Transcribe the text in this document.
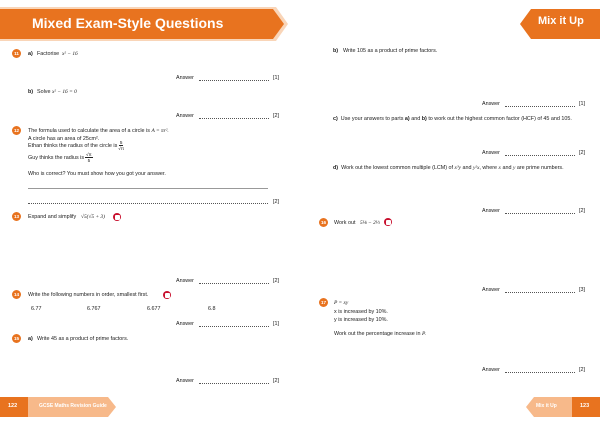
Mixed Exam-Style Questions
11	a) Factorise x² − 16
Answer	[1]
b) Solve x² − 16 = 0
Answer	[2]
12	The formula used to calculate the area of a circle is A = πr².
A circle has an area of 25cm².
Ethan thinks the radius of the circle is $\frac{5}{√\pi}$
Guy thinks the radius is $\frac{√\pi}{5}$
Who is correct? You must show how you got your answer.
[2]
13	Expand and simplify √5(√5 + 3)
Answer	[2]
14	Write the following numbers in order, smallest first.
6.77	6.767	6.677	6.8
Answer	[1]
15	a) Write 45 as a product of prime factors.
Answer	[2]
122	GCSE Maths Revision Guide
Mix it Up
b) Write 105 as a product of prime factors.
Answer	[1]
c) Use your answers to parts a) and b) to work out the highest common factor (HCF) of 45 and 105.
Answer	[2]
d) Work out the lowest common multiple (LCM) of x³y and y²x, where x and y are prime numbers.
Answer	[2]
16	Work out 5⅛ − 2⅓
Answer	[3]
17	P = xy
x is increased by 10%.
y is increased by 10%.
Work out the percentage increase in P.
Answer	[2]
Mix it Up	123
